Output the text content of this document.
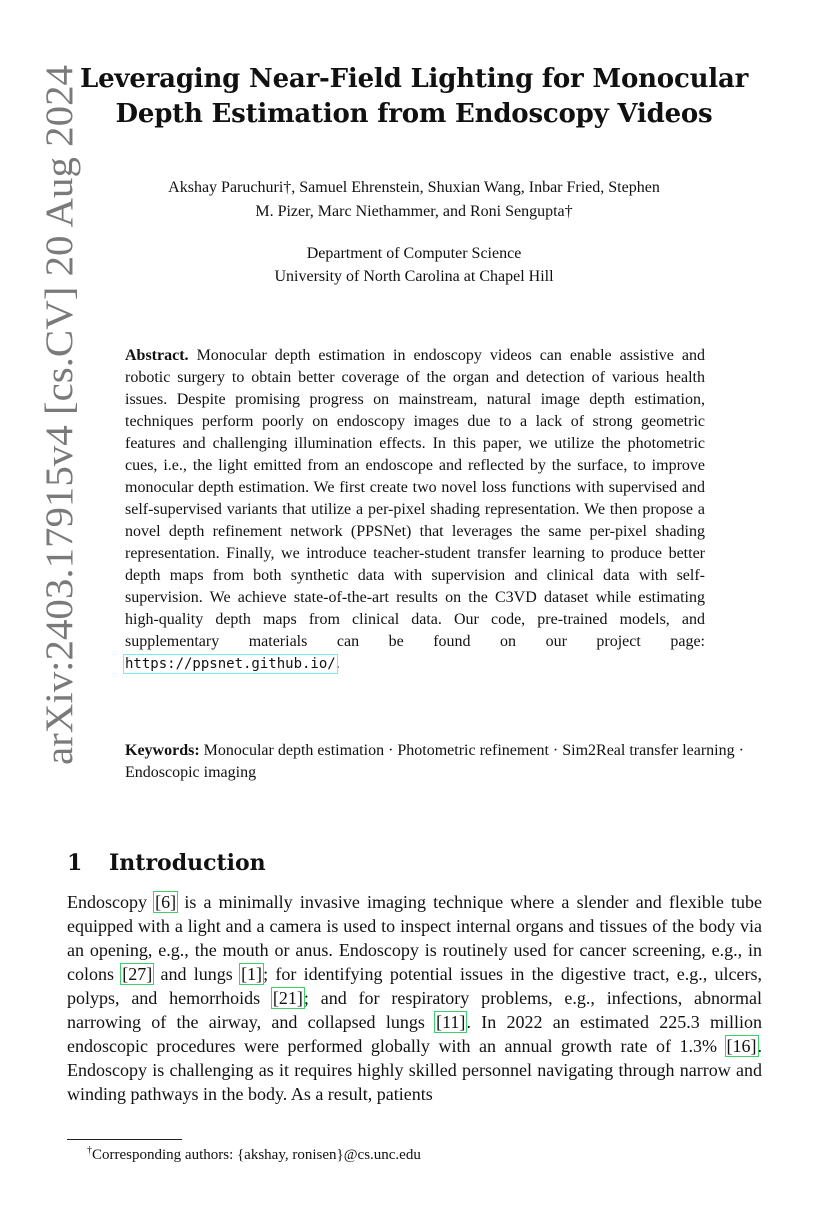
arXiv:2403.17915v4 [cs.CV] 20 Aug 2024
Leveraging Near-Field Lighting for Monocular
Depth Estimation from Endoscopy Videos
Akshay Paruchuri†, Samuel Ehrenstein, Shuxian Wang, Inbar Fried, Stephen
M. Pizer, Marc Niethammer, and Roni Sengupta†
Department of Computer Science
University of North Carolina at Chapel Hill
Abstract. Monocular depth estimation in endoscopy videos can enable assistive and robotic surgery to obtain better coverage of the organ and detection of various health issues. Despite promising progress on mainstream, natural image depth estimation, techniques perform poorly on endoscopy images due to a lack of strong geometric features and challenging illumination effects. In this paper, we utilize the photometric cues, i.e., the light emitted from an endoscope and reflected by the surface, to improve monocular depth estimation. We first create two novel loss functions with supervised and self-supervised variants that utilize a per-pixel shading representation. We then propose a novel depth refinement network (PPSNet) that leverages the same per-pixel shading representation. Finally, we introduce teacher-student transfer learning to produce better depth maps from both synthetic data with supervision and clinical data with self-supervision. We achieve state-of-the-art results on the C3VD dataset while estimating high-quality depth maps from clinical data. Our code, pre-trained models, and supplementary materials can be found on our project page: https://ppsnet.github.io/.
Keywords: Monocular depth estimation · Photometric refinement · Sim2Real transfer learning · Endoscopic imaging
1 Introduction
Endoscopy [6] is a minimally invasive imaging technique where a slender and flexible tube equipped with a light and a camera is used to inspect internal organs and tissues of the body via an opening, e.g., the mouth or anus. Endoscopy is routinely used for cancer screening, e.g., in colons [27] and lungs [1]; for identifying potential issues in the digestive tract, e.g., ulcers, polyps, and hemorrhoids [21]; and for respiratory problems, e.g., infections, abnormal narrowing of the airway, and collapsed lungs [11]. In 2022 an estimated 225.3 million endoscopic procedures were performed globally with an annual growth rate of 1.3% [16]. Endoscopy is challenging as it requires highly skilled personnel navigating through narrow and winding pathways in the body. As a result, patients
†Corresponding authors: {akshay, ronisen}@cs.unc.edu
